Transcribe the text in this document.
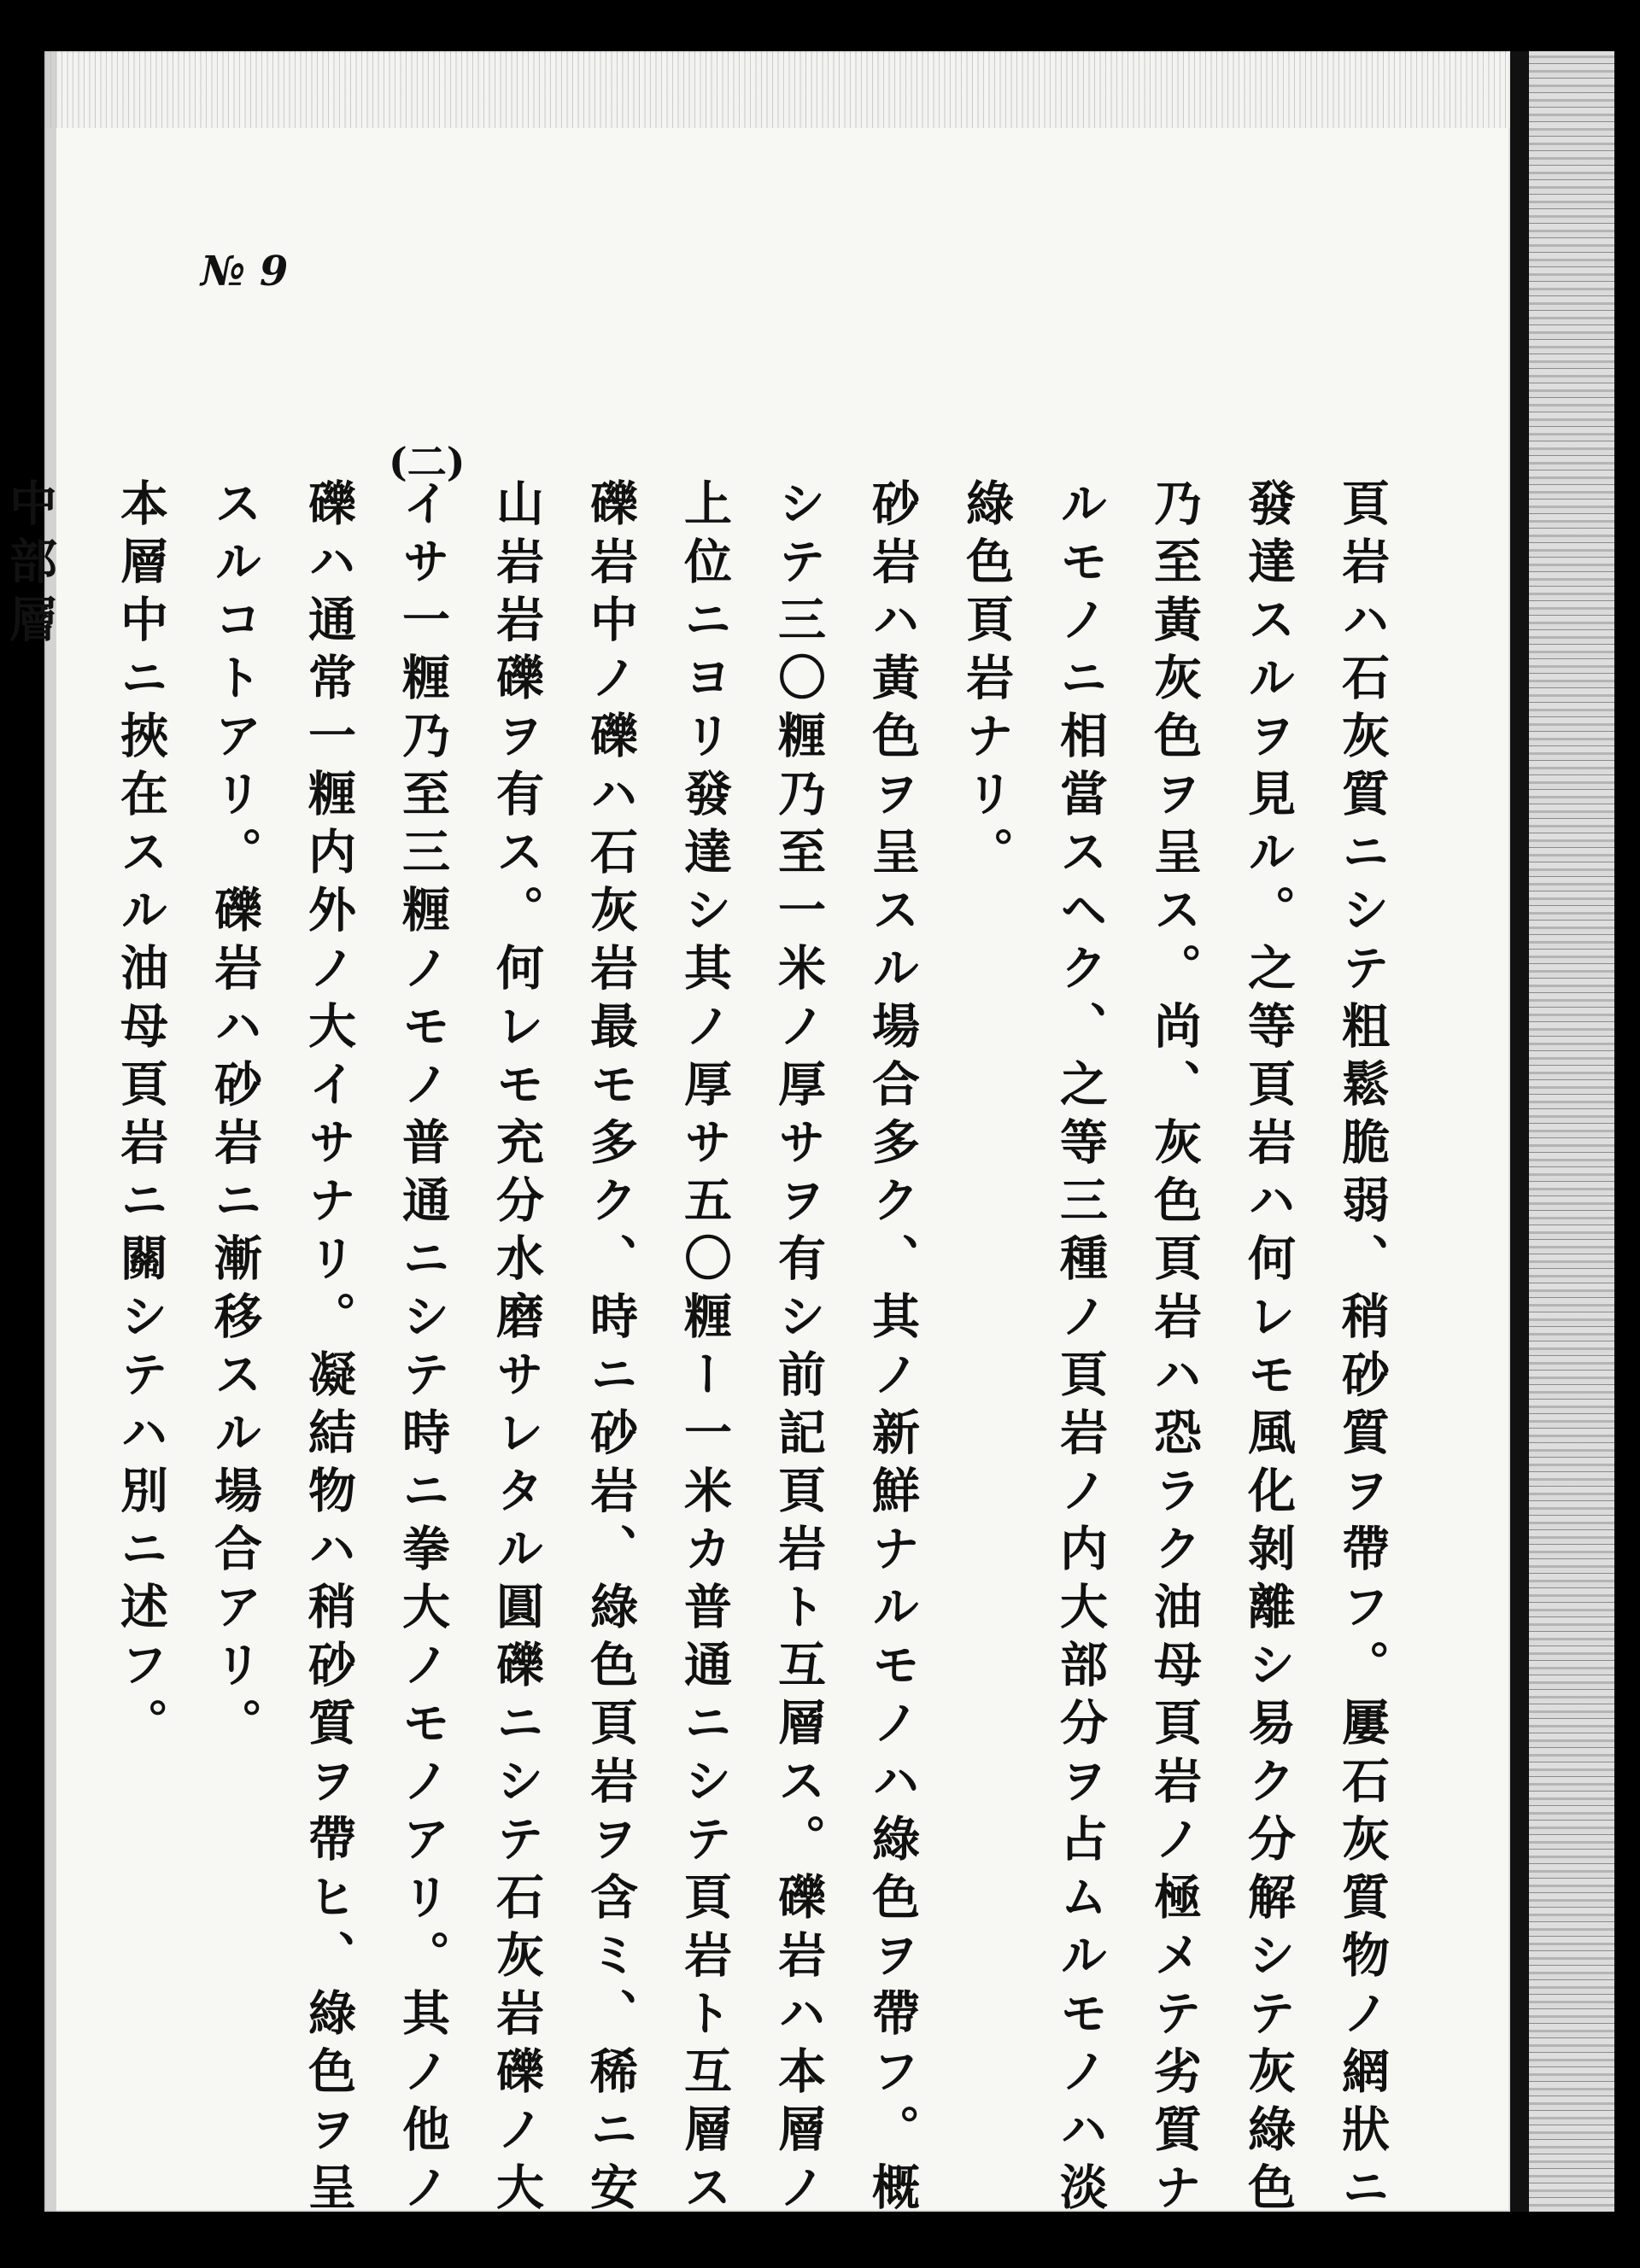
№ 9
(二)
頁岩ハ石灰質ニシテ粗鬆脆弱、稍砂質ヲ帶フ。屢石灰質物ノ網狀ニ
發達スルヲ見ル。之等頁岩ハ何レモ風化剝離シ易ク分解シテ灰綠色
乃至黃灰色ヲ呈ス。尚、灰色頁岩ハ恐ラク油母頁岩ノ極メテ劣質ナ
ルモノニ相當スヘク、之等三種ノ頁岩ノ内大部分ヲ占ムルモノハ淡
綠色頁岩ナリ。
砂岩ハ黃色ヲ呈スル場合多ク、其ノ新鮮ナルモノハ綠色ヲ帶フ。概
シテ三〇糎乃至一米ノ厚サヲ有シ前記頁岩ト互層ス。礫岩ハ本層ノ
上位ニヨリ發達シ其ノ厚サ五〇糎ー一米カ普通ニシテ頁岩ト互層ス
礫岩中ノ礫ハ石灰岩最モ多ク、時ニ砂岩、綠色頁岩ヲ含ミ、稀ニ安
山岩岩礫ヲ有ス。何レモ充分水磨サレタル圓礫ニシテ石灰岩礫ノ大
イサ一糎乃至三糎ノモノ普通ニシテ時ニ拳大ノモノアリ。其ノ他ノ
礫ハ通常一糎内外ノ大イサナリ。凝結物ハ稍砂質ヲ帶ヒ、綠色ヲ呈
スルコトアリ。礫岩ハ砂岩ニ漸移スル場合アリ。
本層中ニ挾在スル油母頁岩ニ關シテハ別ニ述フ。
中部層
